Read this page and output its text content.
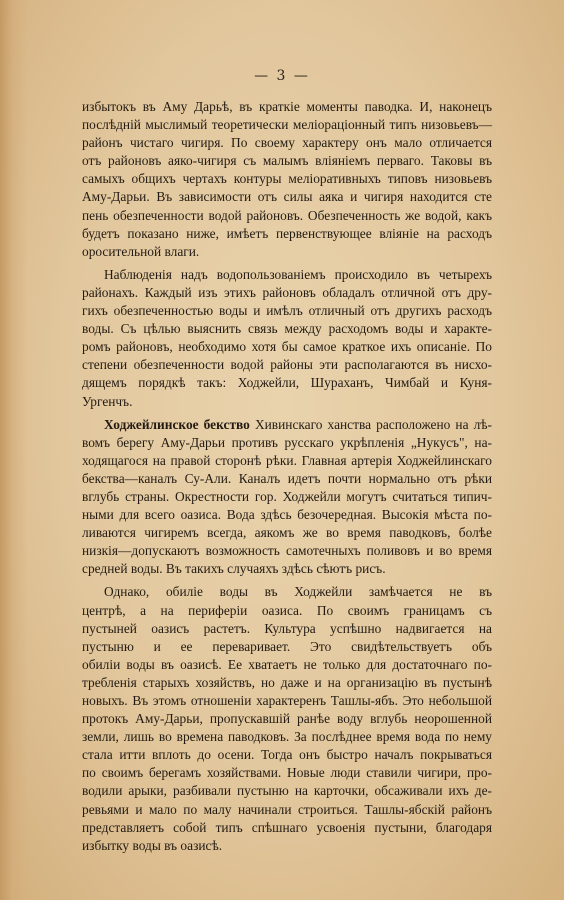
— 3 —
избытокъ въ Аму Дарьѣ, въ краткіе моменты паводка. И, наконецъ
послѣдній мыслимый теоретически мелiорацiонный типъ низовьевъ—
районъ чистаго чигиря. По своему характеру онъ мало отличается
отъ районовъ аяко-чигиря съ малымъ вліяніемъ перваго. Таковы въ
самыхъ общихъ чертахъ контуры мелiоративныхъ типовъ низовьевъ
Аму-Дарьи. Въ зависимости отъ силы аяка и чигиря находится сте
пень обезпеченности водой районовъ. Обезпеченность же водой, какъ
будетъ показано ниже, имѣетъ первенствующее вліяніе на расходъ
оросительной влаги.
Наблюденія надъ водопользованіемъ происходило въ четырехъ
районахъ. Каждый изъ этихъ районовъ обладалъ отличной отъ дру-
гихъ обезпеченностью воды и имѣлъ отличный отъ другихъ расходъ
воды. Съ цѣлью выяснить связь между расходомъ воды и характе-
ромъ районовъ, необходимо хотя бы самое краткое ихъ описаніе. По
степени обезпеченности водой районы эти располагаются въ нисхо-
дящемъ порядкѣ такъ: Ходжейли, Шураханъ, Чимбай и Куня-
Ургенчъ.
Ходжейлинское бекство Хивинскаго ханства расположено на лѣ-
вомъ берегу Аму-Дарьи противъ русскаго укрѣпленія „Нукусъ", на-
ходящагося на правой сторонѣ рѣки. Главная артерія Ходжейлинскаго
бекства—каналъ Су-Али. Каналъ идетъ почти нормально отъ рѣки
вглубь страны. Окрестности гор. Ходжейли могутъ считаться типич-
ными для всего оазиса. Вода здѣсь безочередная. Высокія мѣста по-
ливаются чигиремъ всегда, аякомъ же во время паводковъ, болѣе
низкія—допускаютъ возможность самотечныхъ поливовъ и во время
средней воды. Въ такихъ случаяхъ здѣсь сѣютъ рисъ.
Однако, обиліе воды въ Ходжейли замѣчается не въ
центрѣ, а на периферіи оазиса. По своимъ границамъ съ
пустыней оазисъ растетъ. Культура успѣшно надвигается на
пустыню и ее переваривает. Это свидѣтельствуетъ объ
обиліи воды въ оазисѣ. Ее хватаетъ не только для достаточнаго по-
требленія старыхъ хозяйствъ, но даже и на организацію въ пустынѣ
новыхъ. Въ этомъ отношеніи характеренъ Ташлы-ябъ. Это небольшой
протокъ Аму-Дарьи, пропускавшій ранѣе воду вглубь неорошенной
земли, лишь во времена паводковъ. За послѣднее время вода по нему
стала итти вплоть до осени. Тогда онъ быстро началъ покрываться
по своимъ берегамъ хозяйствами. Новые люди ставили чигири, про-
водили арыки, разбивали пустыню на карточки, обсаживали ихъ де-
ревьями и мало по малу начинали строиться. Ташлы-ябскій районъ
представляетъ собой типъ спѣшнаго усвоенія пустыни, благодаря
избытку воды въ оазисѣ.
